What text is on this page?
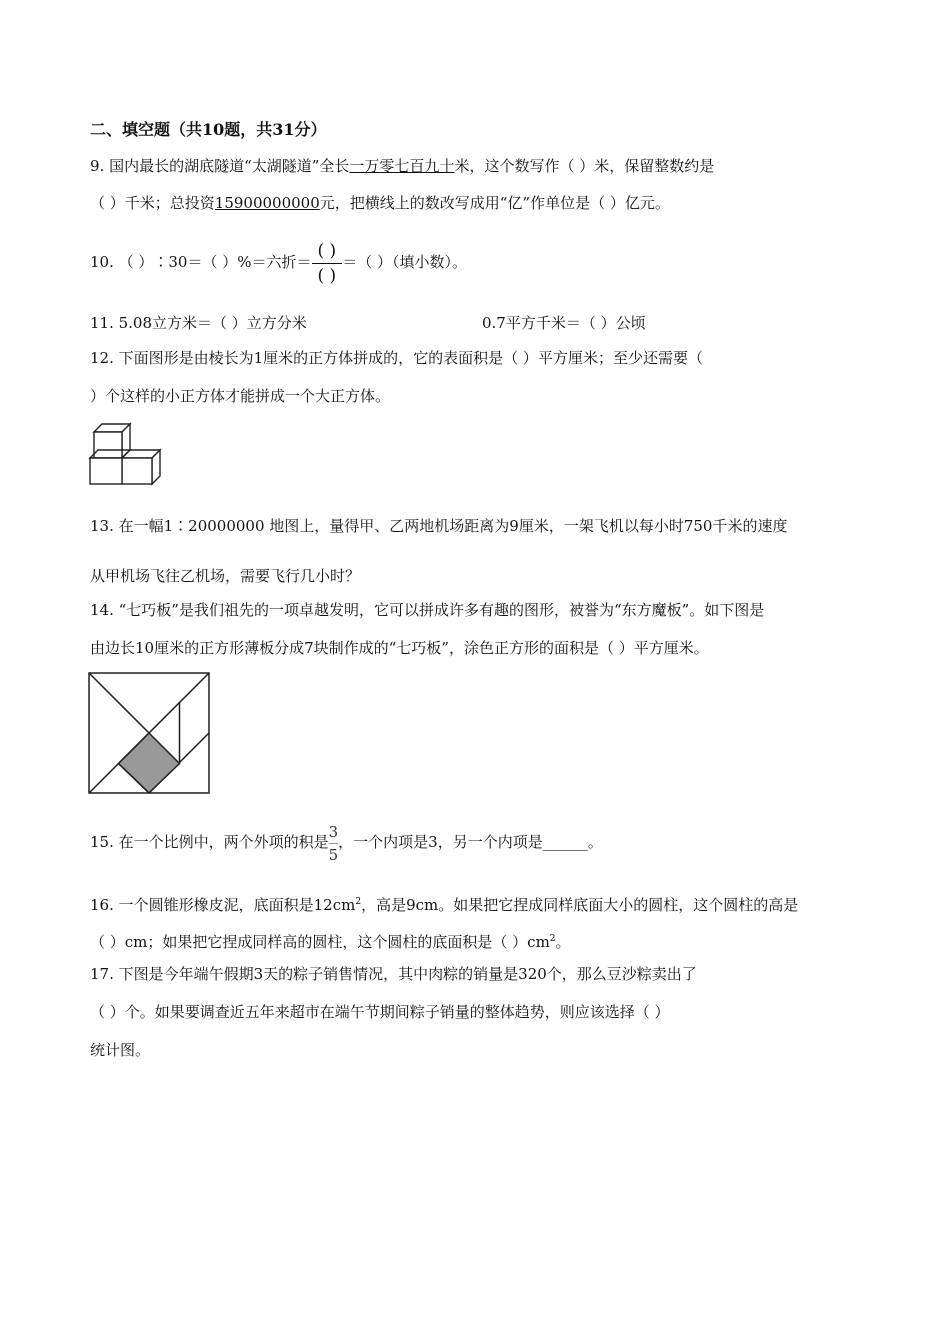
二、填空题（共10题，共31分）
9. 国内最长的湖底隧道“太湖隧道”全长一万零七百九十米，这个数写作（ ）米，保留整数约是
（ ）千米；总投资15900000000元，把横线上的数改写成用“亿”作单位是（ ）亿元。
10. （ ）∶30＝（ ）%＝六折＝ $\frac{( )}{( )}$ ＝（ ）（填小数）。
11. 5.08立方米＝（ ）立方分米	0.7平方千米＝（ ）公顷
12. 下面图形是由棱长为1厘米的正方体拼成的，它的表面积是（ ）平方厘米；至少还需要（
）个这样的小正方体才能拼成一个大正方体。
13. 在一幅1∶20000000 地图上，量得甲、乙两地机场距离为9厘米，一架飞机以每小时750千米的速度
从甲机场飞往乙机场，需要飞行几小时？
14. “七巧板”是我们祖先的一项卓越发明，它可以拼成许多有趣的图形，被誉为“东方魔板”。如下图是
由边长10厘米的正方形薄板分成7块制作成的“七巧板”，涂色正方形的面积是（ ）平方厘米。
15. 在一个比例中，两个外项的积是 $\frac{3}{5}$ ，一个内项是3，另一个内项是______。
16. 一个圆锥形橡皮泥，底面积是$12cm^2$，高是9cm。如果把它捏成同样底面大小的圆柱，这个圆柱的高是
（ ）cm；如果把它捏成同样高的圆柱，这个圆柱的底面积是（ ）$cm^2$。
17. 下图是今年端午假期3天的粽子销售情况，其中肉粽的销量是320个，那么豆沙粽卖出了
（ ）个。如果要调查近五年来超市在端午节期间粽子销量的整体趋势，则应该选择（ ）
统计图。
